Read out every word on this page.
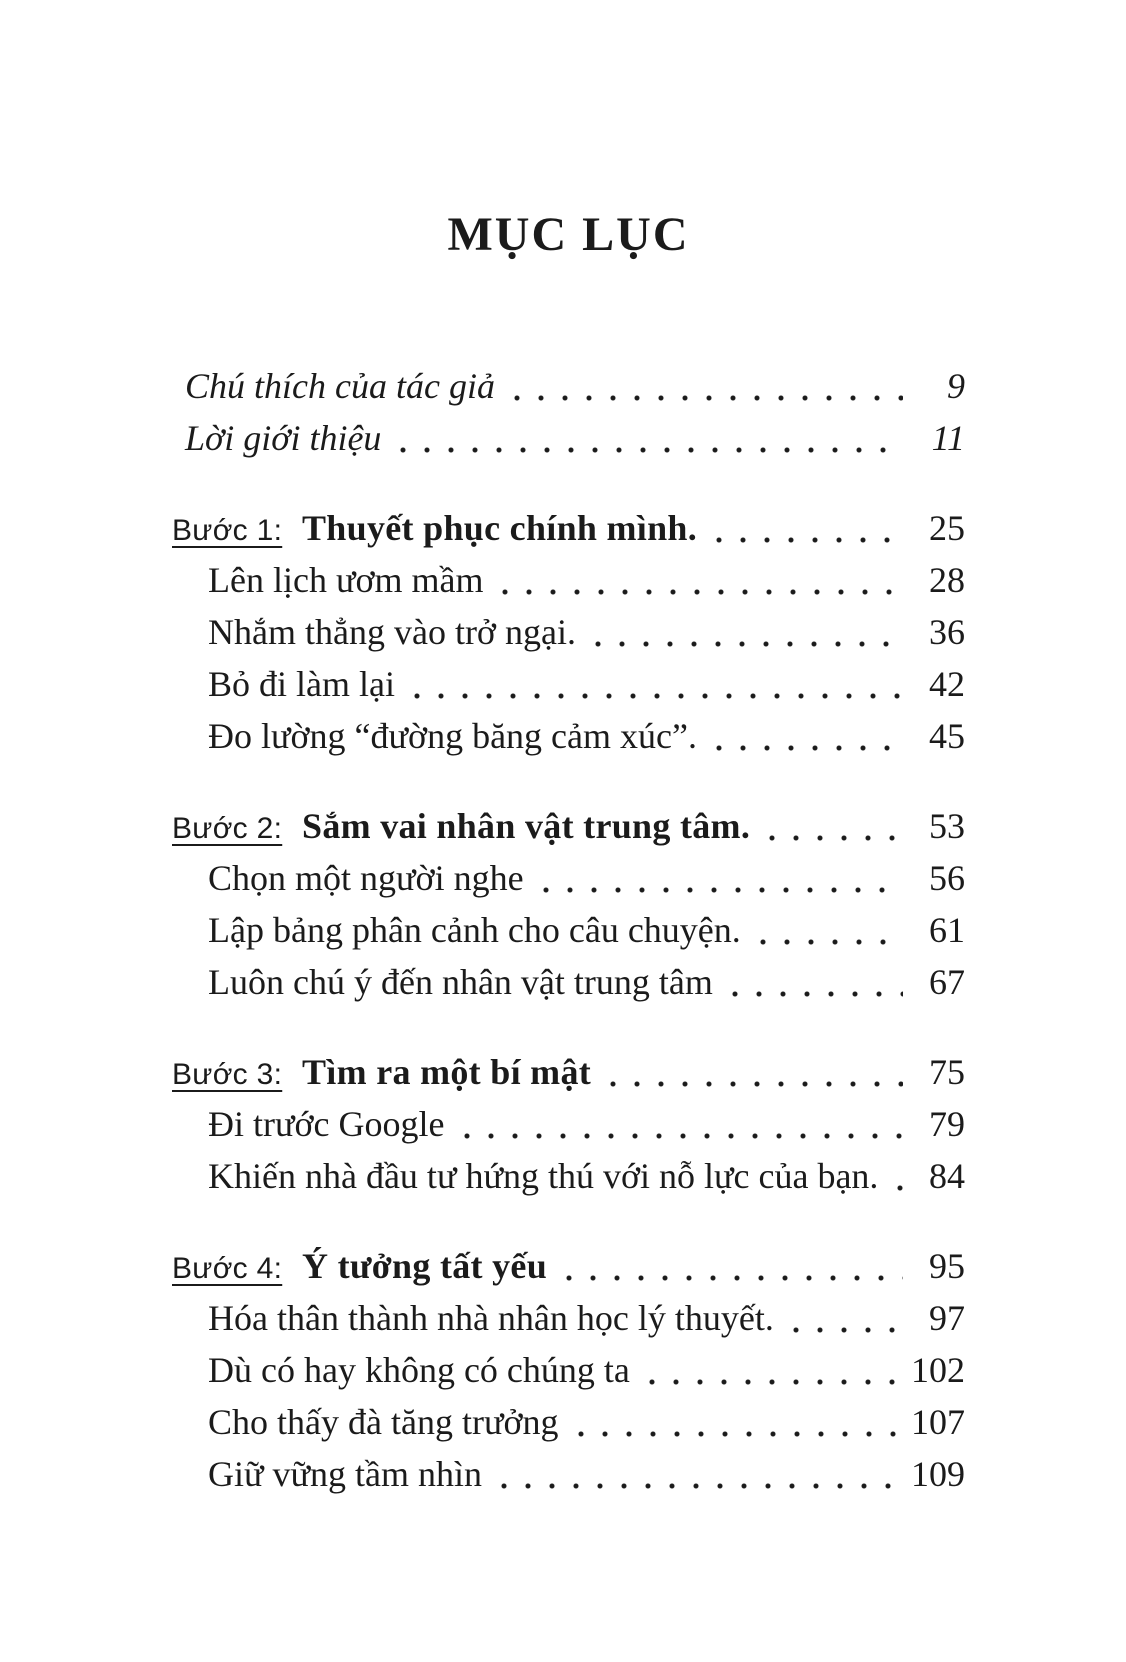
MỤC LỤC
Chú thích của tác giả	9
Lời giới thiệu	11
Bước 1: Thuyết phục chính mình.	25
Lên lịch ươm mầm	28
Nhắm thẳng vào trở ngại.	36
Bỏ đi làm lại	42
Đo lường “đường băng cảm xúc”.	45
Bước 2: Sắm vai nhân vật trung tâm.	53
Chọn một người nghe	56
Lập bảng phân cảnh cho câu chuyện.	61
Luôn chú ý đến nhân vật trung tâm	67
Bước 3: Tìm ra một bí mật	75
Đi trước Google	79
Khiến nhà đầu tư hứng thú với nỗ lực của bạn.	84
Bước 4: Ý tưởng tất yếu	95
Hóa thân thành nhà nhân học lý thuyết.	97
Dù có hay không có chúng ta	102
Cho thấy đà tăng trưởng	107
Giữ vững tầm nhìn	109
